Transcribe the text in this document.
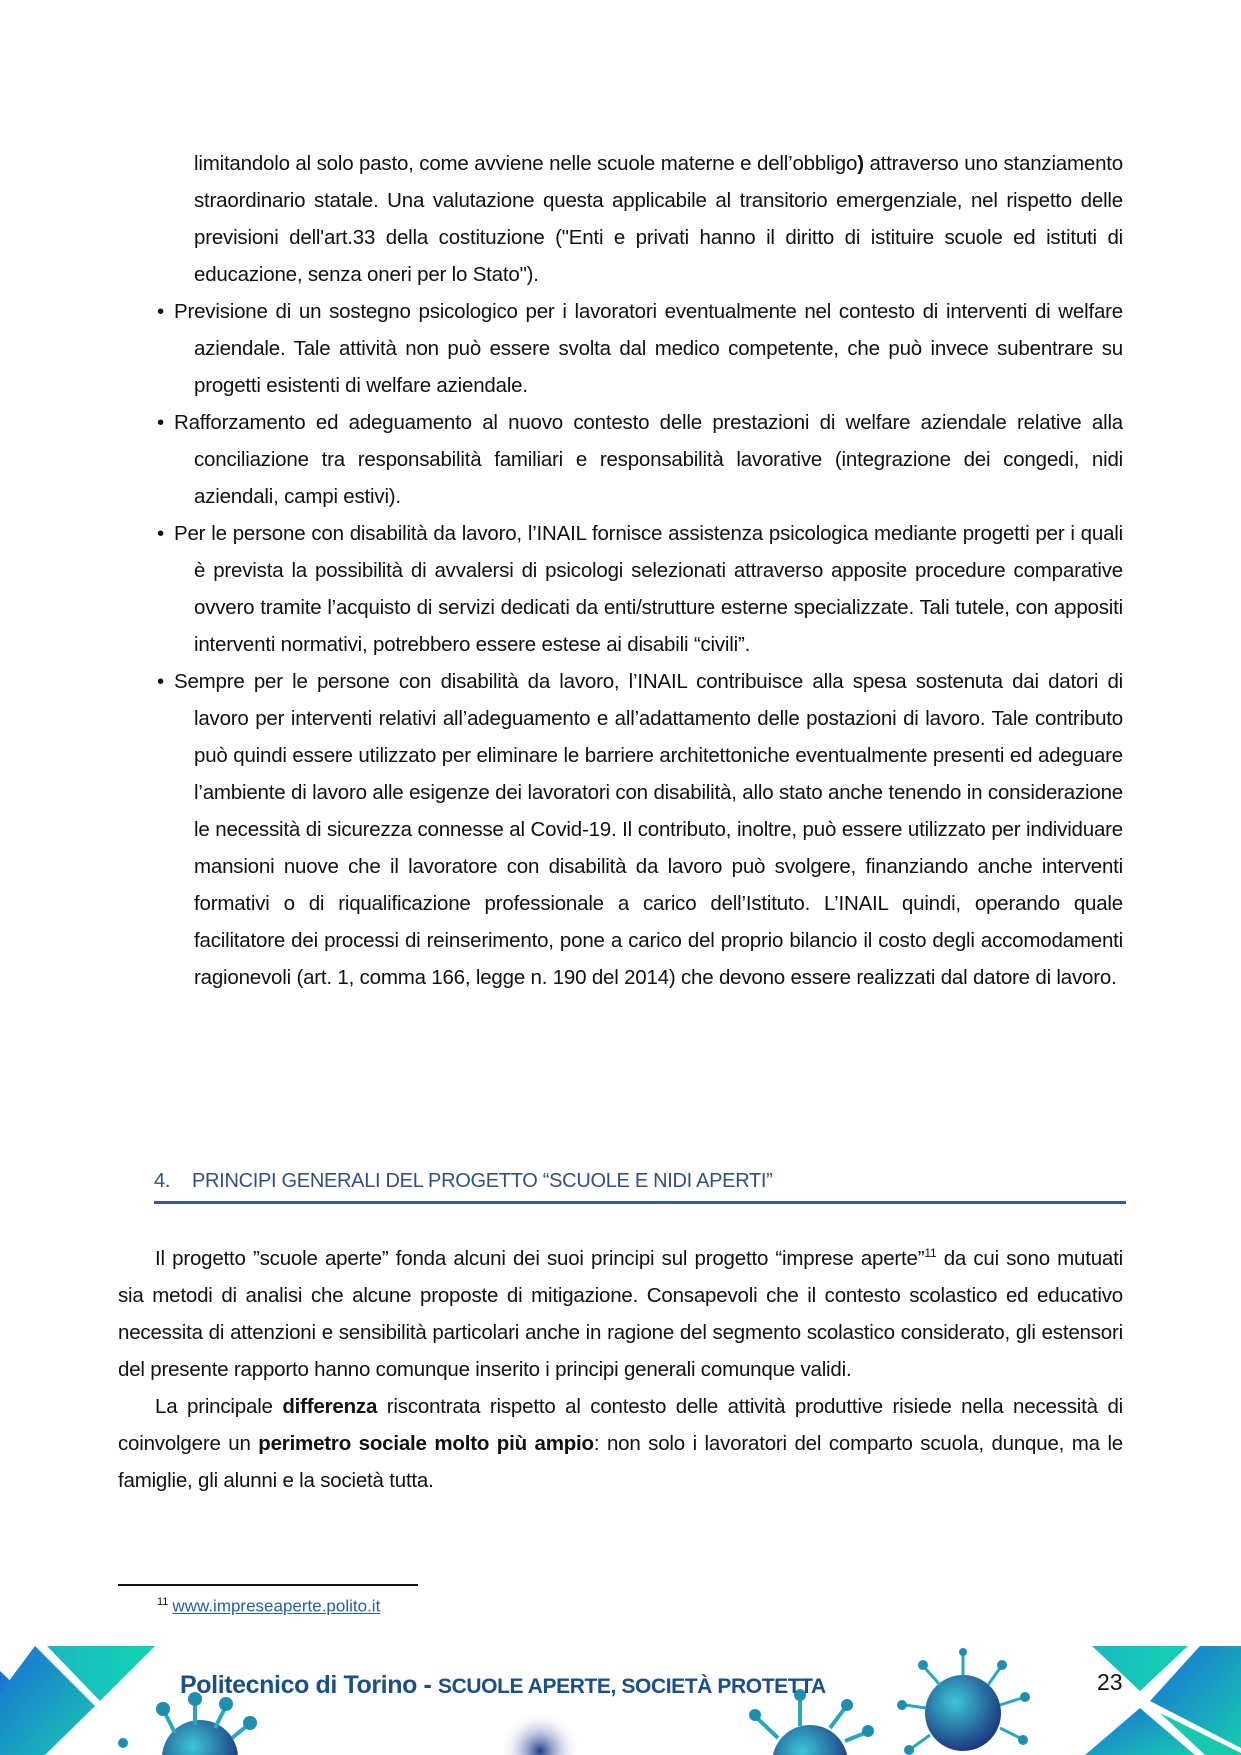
limitandolo al solo pasto, come avviene nelle scuole materne e dell’obbligo) attraverso uno stanziamento straordinario statale. Una valutazione questa applicabile al transitorio emergenziale, nel rispetto delle previsioni dell'art.33 della costituzione ("Enti e privati hanno il diritto di istituire scuole ed istituti di educazione, senza oneri per lo Stato").
• Previsione di un sostegno psicologico per i lavoratori eventualmente nel contesto di interventi di welfare aziendale. Tale attività non può essere svolta dal medico competente, che può invece subentrare su progetti esistenti di welfare aziendale.
• Rafforzamento ed adeguamento al nuovo contesto delle prestazioni di welfare aziendale relative alla conciliazione tra responsabilità familiari e responsabilità lavorative (integrazione dei congedi, nidi aziendali, campi estivi).
• Per le persone con disabilità da lavoro, l’INAIL fornisce assistenza psicologica mediante progetti per i quali è prevista la possibilità di avvalersi di psicologi selezionati attraverso apposite procedure comparative ovvero tramite l’acquisto di servizi dedicati da enti/strutture esterne specializzate. Tali tutele, con appositi interventi normativi, potrebbero essere estese ai disabili “civili”.
• Sempre per le persone con disabilità da lavoro, l’INAIL contribuisce alla spesa sostenuta dai datori di lavoro per interventi relativi all’adeguamento e all’adattamento delle postazioni di lavoro. Tale contributo può quindi essere utilizzato per eliminare le barriere architettoniche eventualmente presenti ed adeguare l’ambiente di lavoro alle esigenze dei lavoratori con disabilità, allo stato anche tenendo in considerazione le necessità di sicurezza connesse al Covid-19. Il contributo, inoltre, può essere utilizzato per individuare mansioni nuove che il lavoratore con disabilità da lavoro può svolgere, finanziando anche interventi formativi o di riqualificazione professionale a carico dell’Istituto. L’INAIL quindi, operando quale facilitatore dei processi di reinserimento, pone a carico del proprio bilancio il costo degli accomodamenti ragionevoli (art. 1, comma 166, legge n. 190 del 2014) che devono essere realizzati dal datore di lavoro.
4. PRINCIPI GENERALI DEL PROGETTO “SCUOLE E NIDI APERTI”

Il progetto ”scuole aperte” fonda alcuni dei suoi principi sul progetto “imprese aperte”$^{11}$ da cui sono mutuati sia metodi di analisi che alcune proposte di mitigazione. Consapevoli che il contesto scolastico ed educativo necessita di attenzioni e sensibilità particolari anche in ragione del segmento scolastico considerato, gli estensori del presente rapporto hanno comunque inserito i principi generali comunque validi.

La principale differenza riscontrata rispetto al contesto delle attività produttive risiede nella necessità di coinvolgere un perimetro sociale molto più ampio: non solo i lavoratori del comparto scuola, dunque, ma le famiglie, gli alunni e la società tutta.

$^{11}$ www.impreseaperte.polito.it
Politecnico di Torino - SCUOLE APERTE, SOCIETÀ PROTETTA	23
